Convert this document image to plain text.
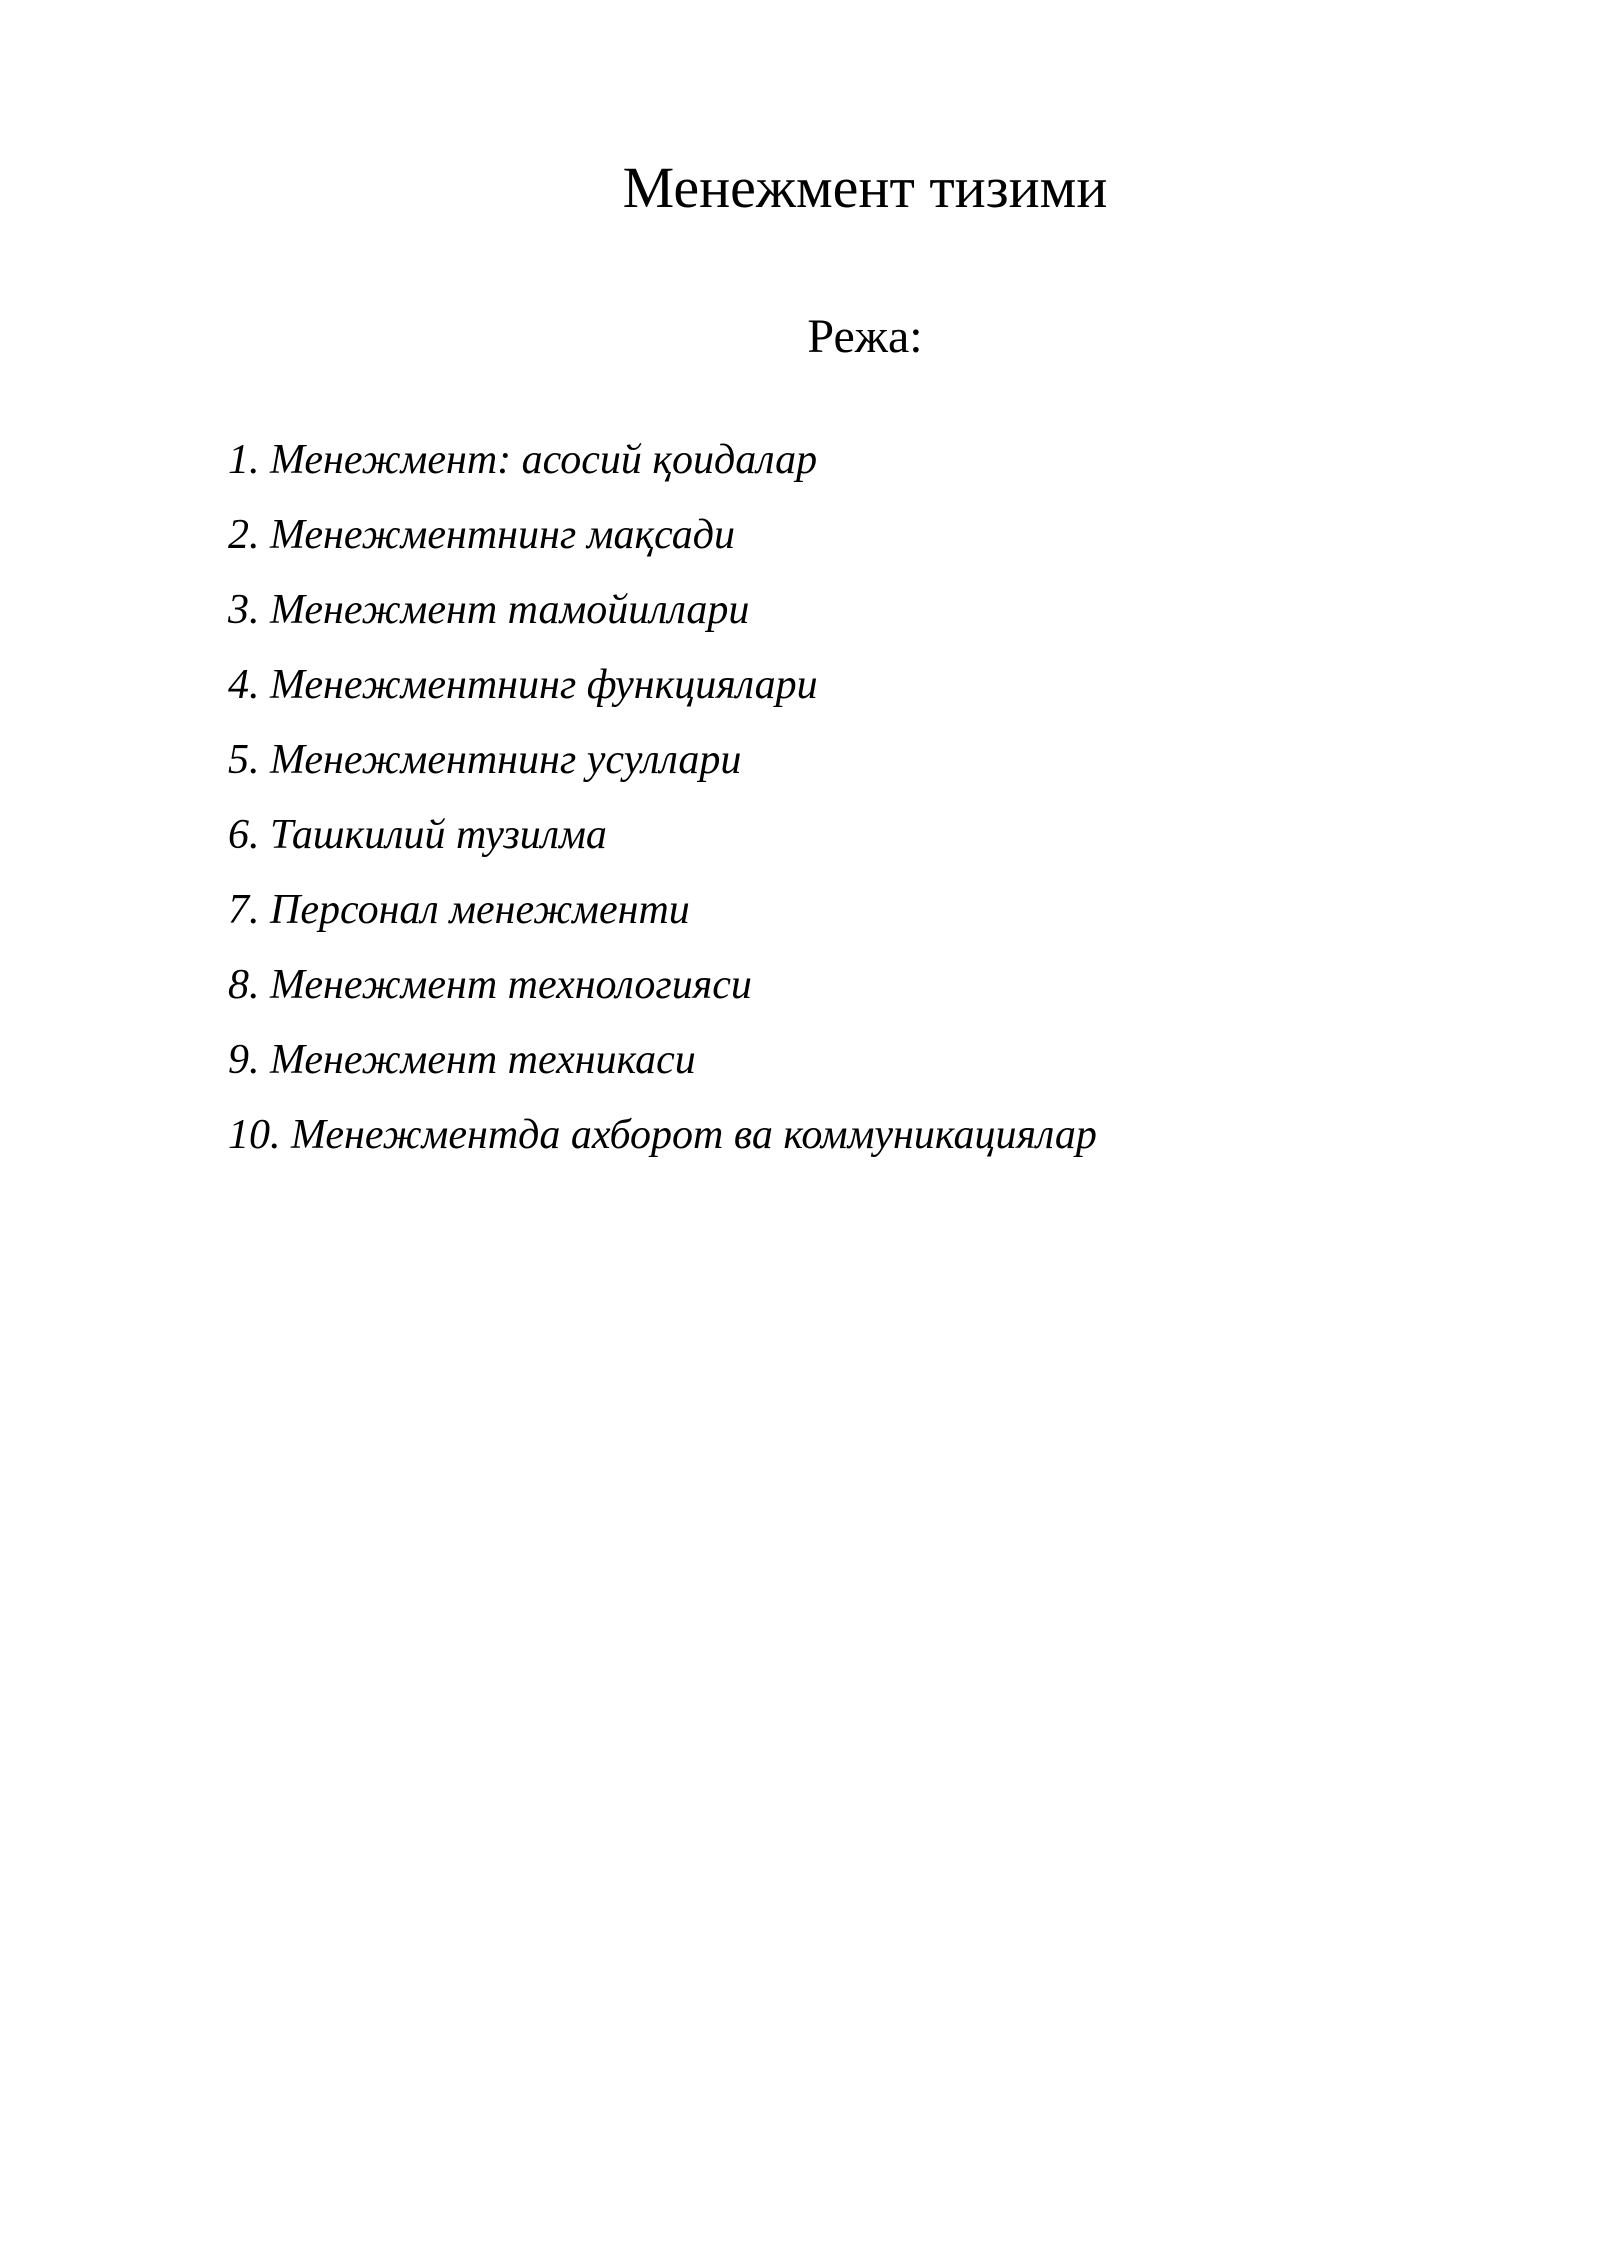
Менежмент тизими
Режа:
1. Менежмент: асосий қоидалар
2. Менежментнинг мақсади
3. Менежмент тамойиллари
4. Менежментнинг функциялари
5. Менежментнинг усуллари
6. Ташкилий тузилма
7. Персонал менежменти
8. Менежмент технологияси
9. Менежмент техникаси
10. Менежментда ахборот ва коммуникациялар
